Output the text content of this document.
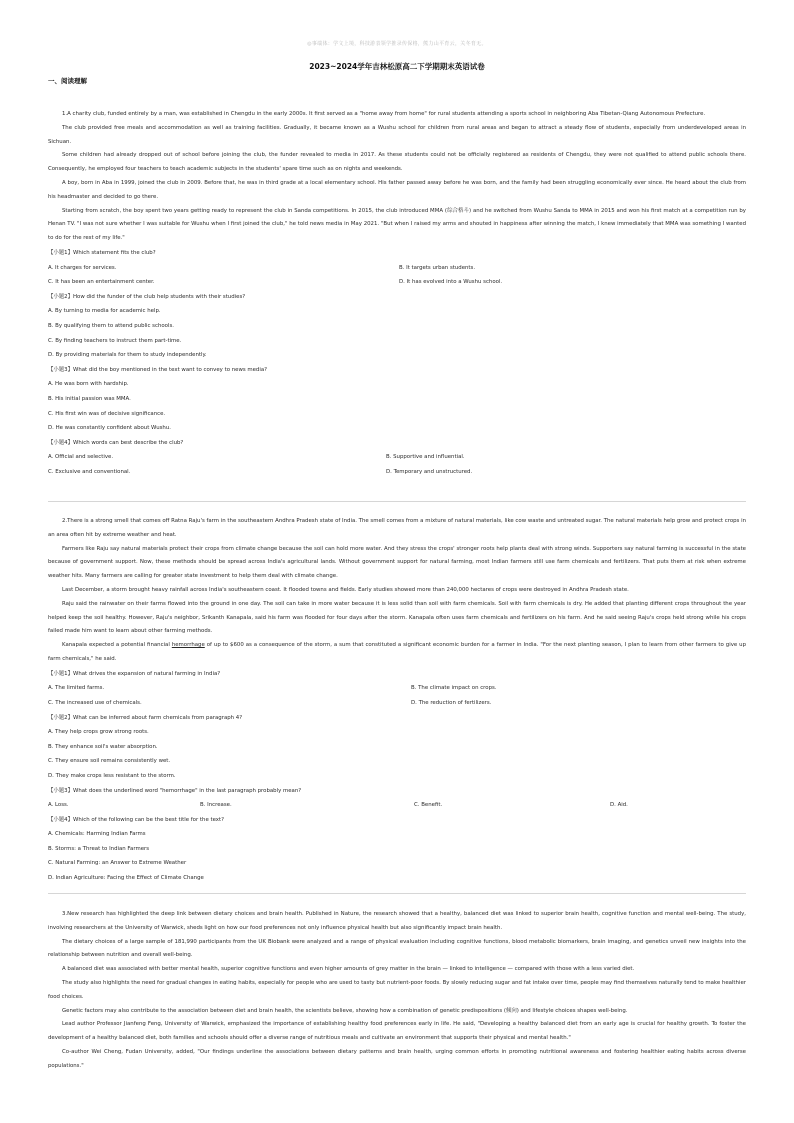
◎事端体：学文上境，科技游表领学推录传保格，熊力山平育云，关冬育无。
2023~2024学年吉林松原高二下学期期末英语试卷
一、阅读理解

1.A charity club, funded entirely by a man, was established in Chengdu in the early 2000s. It first served as a "home away from home" for rural students attending a sports school in neighboring Aba Tibetan-Qiang Autonomous Prefecture.

The club provided free meals and accommodation as well as training facilities. Gradually, it became known as a Wushu school for children from rural areas and began to attract a steady flow of students, especially from underdeveloped areas in Sichuan.

Some children had already dropped out of school before joining the club, the funder revealed to media in 2017. As these students could not be officially registered as residents of Chengdu, they were not qualified to attend public schools there. Consequently, he employed four teachers to teach academic subjects in the students' spare time such as on nights and weekends.

A boy, born in Aba in 1999, joined the club in 2009. Before that, he was in third grade at a local elementary school. His father passed away before he was born, and the family had been struggling economically ever since. He heard about the club from his headmaster and decided to go there.

Starting from scratch, the boy spent two years getting ready to represent the club in Sanda competitions. In 2015, the club introduced MMA (综合格斗) and he switched from Wushu Sanda to MMA in 2015 and won his first match at a competition run by Henan TV. "I was not sure whether I was suitable for Wushu when I first joined the club," he told news media in May 2021. "But when I raised my arms and shouted in happiness after winning the match, I knew immediately that MMA was something I wanted to do for the rest of my life."

【小题1】Which statement fits the club?

A. It charges for services.	B. It targets urban students.
C. It has been an entertainment center.	D. It has evolved into a Wushu school.

【小题2】How did the funder of the club help students with their studies?

A. By turning to media for academic help.

B. By qualifying them to attend public schools.

C. By finding teachers to instruct them part-time.

D. By providing materials for them to study independently.

【小题3】What did the boy mentioned in the text want to convey to news media?

A. He was born with hardship.

B. His initial passion was MMA.

C. His first win was of decisive significance.

D. He was constantly confident about Wushu.

【小题4】Which words can best describe the club?

A. Official and selective.	B. Supportive and influential.
C. Exclusive and conventional.	D. Temporary and unstructured.

2.There is a strong smell that comes off Ratna Raju's farm in the southeastern Andhra Pradesh state of India. The smell comes from a mixture of natural materials, like cow waste and untreated sugar. The natural materials help grow and protect crops in an area often hit by extreme weather and heat.

Farmers like Raju say natural materials protect their crops from climate change because the soil can hold more water. And they stress the crops' stronger roots help plants deal with strong winds. Supporters say natural farming is successful in the state because of government support. Now, these methods should be spread across India's agricultural lands. Without government support for natural farming, most Indian farmers still use farm chemicals and fertilizers. That puts them at risk when extreme weather hits. Many farmers are calling for greater state investment to help them deal with climate change.

Last December, a storm brought heavy rainfall across India's southeastern coast. It flooded towns and fields. Early studies showed more than 240,000 hectares of crops were destroyed in Andhra Pradesh state.

Raju said the rainwater on their farms flowed into the ground in one day. The soil can take in more water because it is less solid than soil with farm chemicals. Soil with farm chemicals is dry. He added that planting different crops throughout the year helped keep the soil healthy. However, Raju's neighbor, Srikanth Kanapala, said his farm was flooded for four days after the storm. Kanapala often uses farm chemicals and fertilizers on his farm. And he said seeing Raju's crops held strong while his crops failed made him want to learn about other farming methods.

Kanapala expected a potential financial hemorrhage of up to $600 as a consequence of the storm, a sum that constituted a significant economic burden for a farmer in India. "For the next planting season, I plan to learn from other farmers to give up farm chemicals," he said.

【小题1】What drives the expansion of natural farming in India?

A. The limited farms.	B. The climate impact on crops.
C. The increased use of chemicals.	D. The reduction of fertilizers.

【小题2】What can be inferred about farm chemicals from paragraph 4?

A. They help crops grow strong roots.

B. They enhance soil's water absorption.

C. They ensure soil remains consistently wet.

D. They make crops less resistant to the storm.

【小题3】What does the underlined word "hemorrhage" in the last paragraph probably mean?

A. Loss.	B. Increase.	C. Benefit.	D. Aid.

【小题4】Which of the following can be the best title for the text?

A. Chemicals: Harming Indian Farms

B. Storms: a Threat to Indian Farmers

C. Natural Farming: an Answer to Extreme Weather

D. Indian Agriculture: Facing the Effect of Climate Change

3.New research has highlighted the deep link between dietary choices and brain health. Published in Nature, the research showed that a healthy, balanced diet was linked to superior brain health, cognitive function and mental well-being. The study, involving researchers at the University of Warwick, sheds light on how our food preferences not only influence physical health but also significantly impact brain health.

The dietary choices of a large sample of 181,990 participants from the UK Biobank were analyzed and a range of physical evaluation including cognitive functions, blood metabolic biomarkers, brain imaging, and genetics unveil new insights into the relationship between nutrition and overall well-being.

A balanced diet was associated with better mental health, superior cognitive functions and even higher amounts of grey matter in the brain — linked to intelligence — compared with those with a less varied diet.

The study also highlights the need for gradual changes in eating habits, especially for people who are used to tasty but nutrient-poor foods. By slowly reducing sugar and fat intake over time, people may find themselves naturally tend to make healthier food choices.

Genetic factors may also contribute to the association between diet and brain health, the scientists believe, showing how a combination of genetic predispositions (倾向) and lifestyle choices shapes well-being.

Lead author Professor Jianfeng Feng, University of Warwick, emphasized the importance of establishing healthy food preferences early in life. He said, "Developing a healthy balanced diet from an early age is crucial for healthy growth. To foster the development of a healthy balanced diet, both families and schools should offer a diverse range of nutritious meals and cultivate an environment that supports their physical and mental health."

Co-author Wei Cheng, Fudan University, added, "Our findings underline the associations between dietary patterns and brain health, urging common efforts in promoting nutritional awareness and fostering healthier eating habits across diverse populations."
